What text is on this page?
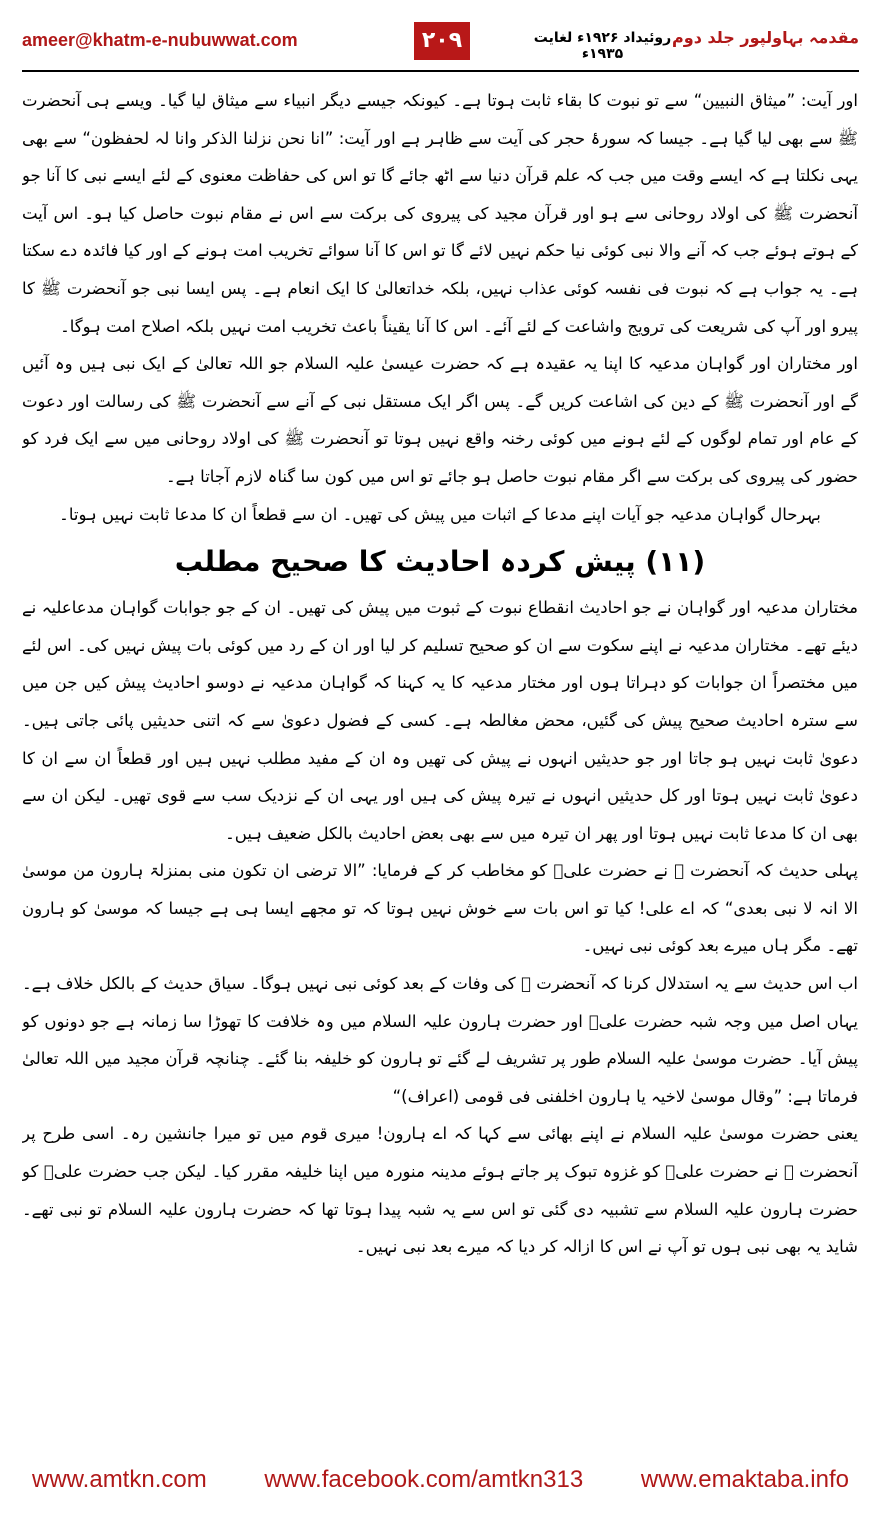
ameer@khatm-e-nubuwwat.com	۲۰۹	روئیداد ۱۹۲۶ء لغایت ۱۹۳۵ء
مقدمہ بہاولپور جلد دوم

اور آیت: ”میثاق النبیین“ سے تو نبوت کا بقاء ثابت ہوتا ہے۔ کیونکہ جیسے دیگر انبیاء سے میثاق لیا گیا۔ ویسے ہی آنحضرت ﷺ سے بھی لیا گیا ہے۔ جیسا کہ سورۂ حجر کی آیت سے ظاہر ہے اور آیت: ”انا نحن نزلنا الذکر وانا لہ لحفظون“ سے بھی یہی نکلتا ہے کہ ایسے وقت میں جب کہ علم قرآن دنیا سے اٹھ جائے گا تو اس کی حفاظت معنوی کے لئے ایسے نبی کا آنا جو آنحضرت ﷺ کی اولاد روحانی سے ہو اور قرآن مجید کی پیروی کی برکت سے اس نے مقام نبوت حاصل کیا ہو۔ اس آیت کے ہوتے ہوئے جب کہ آنے والا نبی کوئی نیا حکم نہیں لائے گا تو اس کا آنا سوائے تخریب امت ہونے کے اور کیا فائدہ دے سکتا ہے۔ یہ جواب ہے کہ نبوت فی نفسہ کوئی عذاب نہیں، بلکہ خداتعالیٰ کا ایک انعام ہے۔ پس ایسا نبی جو آنحضرت ﷺ کا پیرو اور آپ کی شریعت کی ترویج واشاعت کے لئے آئے۔ اس کا آنا یقیناً باعث تخریب امت نہیں بلکہ اصلاح امت ہوگا۔

اور مختاران اور گواہان مدعیہ کا اپنا یہ عقیدہ ہے کہ حضرت عیسیٰ علیہ السلام جو اللہ تعالیٰ کے ایک نبی ہیں وہ آئیں گے اور آنحضرت ﷺ کے دین کی اشاعت کریں گے۔ پس اگر ایک مستقل نبی کے آنے سے آنحضرت ﷺ کی رسالت اور دعوت کے عام اور تمام لوگوں کے لئے ہونے میں کوئی رخنہ واقع نہیں ہوتا تو آنحضرت ﷺ کی اولاد روحانی میں سے ایک فرد کو حضور کی پیروی کی برکت سے اگر مقام نبوت حاصل ہو جائے تو اس میں کون سا گناہ لازم آجاتا ہے۔

بہرحال گواہان مدعیہ جو آیات اپنے مدعا کے اثبات میں پیش کی تھیں۔ ان سے قطعاً ان کا مدعا ثابت نہیں ہوتا۔

(۱۱) پیش کردہ احادیث کا صحیح مطلب

مختاران مدعیہ اور گواہان نے جو احادیث انقطاع نبوت کے ثبوت میں پیش کی تھیں۔ ان کے جو جوابات گواہان مدعاعلیہ نے دیئے تھے۔ مختاران مدعیہ نے اپنے سکوت سے ان کو صحیح تسلیم کر لیا اور ان کے رد میں کوئی بات پیش نہیں کی۔ اس لئے میں مختصراً ان جوابات کو دہراتا ہوں اور مختار مدعیہ کا یہ کہنا کہ گواہان مدعیہ نے دوسو احادیث پیش کیں جن میں سے سترہ احادیث صحیح پیش کی گئیں، محض مغالطہ ہے۔ کسی کے فضول دعویٰ سے کہ اتنی حدیثیں پائی جاتی ہیں۔ دعویٰ ثابت نہیں ہو جاتا اور جو حدیثیں انہوں نے پیش کی تھیں وہ ان کے مفید مطلب نہیں ہیں اور قطعاً ان سے ان کا دعویٰ ثابت نہیں ہوتا اور کل حدیثیں انہوں نے تیرہ پیش کی ہیں اور یہی ان کے نزدیک سب سے قوی تھیں۔ لیکن ان سے بھی ان کا مدعا ثابت نہیں ہوتا اور پھر ان تیرہ میں سے بھی بعض احادیث بالکل ضعیف ہیں۔

پہلی حدیث کہ آنحضرت ﷺ نے حضرت علیؓ کو مخاطب کر کے فرمایا: ”الا ترضی ان تکون منی بمنزلۃ ہارون من موسیٰ الا انہ لا نبی بعدی“ کہ اے علی! کیا تو اس بات سے خوش نہیں ہوتا کہ تو مجھے ایسا ہی ہے جیسا کہ موسیٰ کو ہارون تھے۔ مگر ہاں میرے بعد کوئی نبی نہیں۔

اب اس حدیث سے یہ استدلال کرنا کہ آنحضرت ﷺ کی وفات کے بعد کوئی نبی نہیں ہوگا۔ سیاق حدیث کے بالکل خلاف ہے۔ یہاں اصل میں وجہ شبہ حضرت علیؓ اور حضرت ہارون علیہ السلام میں وہ خلافت کا تھوڑا سا زمانہ ہے جو دونوں کو پیش آیا۔ حضرت موسیٰ علیہ السلام طور پر تشریف لے گئے تو ہارون کو خلیفہ بنا گئے۔ چنانچہ قرآن مجید میں اللہ تعالیٰ فرماتا ہے: ”وقال موسیٰ لاخیہ یا ہارون اخلفنی فی قومی (اعراف)“

یعنی حضرت موسیٰ علیہ السلام نے اپنے بھائی سے کہا کہ اے ہارون! میری قوم میں تو میرا جانشین رہ۔ اسی طرح پر آنحضرت ﷺ نے حضرت علیؓ کو غزوہ تبوک پر جاتے ہوئے مدینہ منورہ میں اپنا خلیفہ مقرر کیا۔ لیکن جب حضرت علیؓ کو حضرت ہارون علیہ السلام سے تشبیہ دی گئی تو اس سے یہ شبہ پیدا ہوتا تھا کہ حضرت ہارون علیہ السلام تو نبی تھے۔ شاید یہ بھی نبی ہوں تو آپ نے اس کا ازالہ کر دیا کہ میرے بعد نبی نہیں۔

www.amtkn.com	www.facebook.com/amtkn313	www.emaktaba.info
